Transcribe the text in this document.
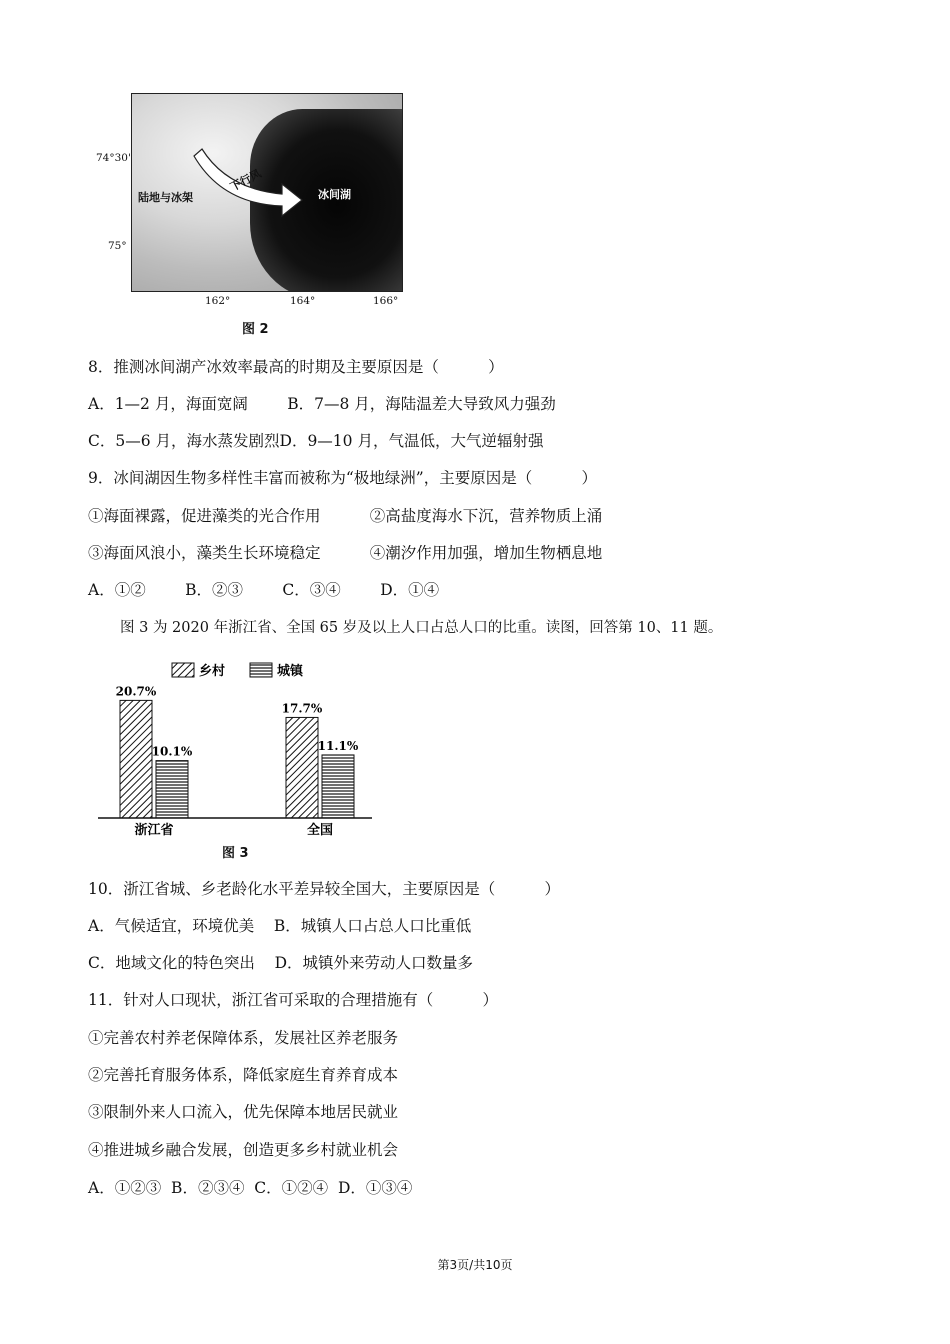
74°30'
75°
陆地与冰架
下行风
冰间湖
162°	164°	166°
图 2
8．推测冰间湖产冰效率最高的时期及主要原因是（          ）
A．1—2 月，海面宽阔        B．7—8 月，海陆温差大导致风力强劲
C．5—6 月，海水蒸发剧烈D．9—10 月，气温低，大气逆辐射强
9．冰间湖因生物多样性丰富而被称为“极地绿洲”，主要原因是（          ）
①海面裸露，促进藻类的光合作用          ②高盐度海水下沉，营养物质上涌
③海面风浪小，藻类生长环境稳定          ④潮汐作用加强，增加生物栖息地
A．①②        B．②③        C．③④        D．①④
图 3 为 2020 年浙江省、全国 65 岁及以上人口占总人口的比重。读图，回答第 10、11 题。
乡村	城镇
20.7%
10.1%
浙江省
17.7%
11.1%
全国
图 3
10．浙江省城、乡老龄化水平差异较全国大，主要原因是（          ）
A．气候适宜，环境优美    B．城镇人口占总人口比重低
C．地域文化的特色突出    D．城镇外来劳动人口数量多
11．针对人口现状，浙江省可采取的合理措施有（          ）
①完善农村养老保障体系，发展社区养老服务
②完善托育服务体系，降低家庭生育养育成本
③限制外来人口流入，优先保障本地居民就业
④推进城乡融合发展，创造更多乡村就业机会
A．①②③  B．②③④  C．①②④  D．①③④
第3页/共10页
